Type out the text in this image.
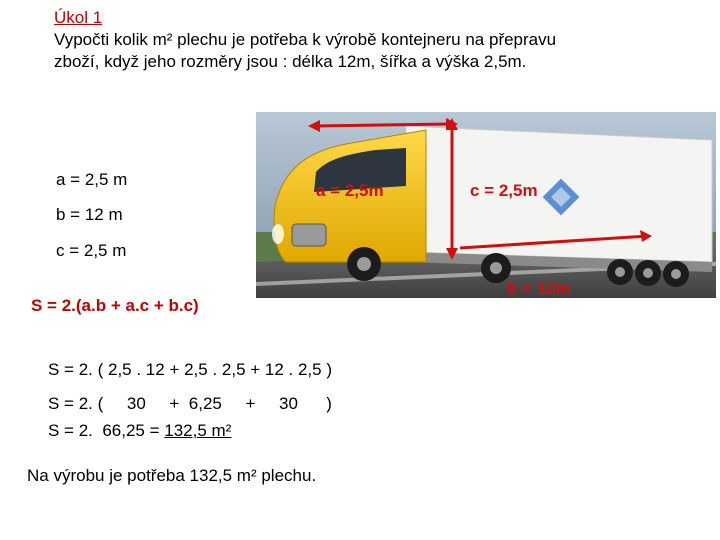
Úkol 1
Vypočti kolik m² plechu je potřeba k výrobě kontejneru na přepravu
zboží, když jeho rozměry jsou : délka 12m, šířka a výška 2,5m.
a = 2,5 m
b = 12 m
c = 2,5 m
a = 2,5m	c = 2,5m
b = 12m
S = 2.(a.b + a.c + b.c)
S = 2. ( 2,5 . 12 + 2,5 . 2,5 + 12 . 2,5 )
S = 2. (     30     +  6,25     +     30      )
S = 2.  66,25 = 132,5 m²
Na výrobu je potřeba 132,5 m² plechu.
